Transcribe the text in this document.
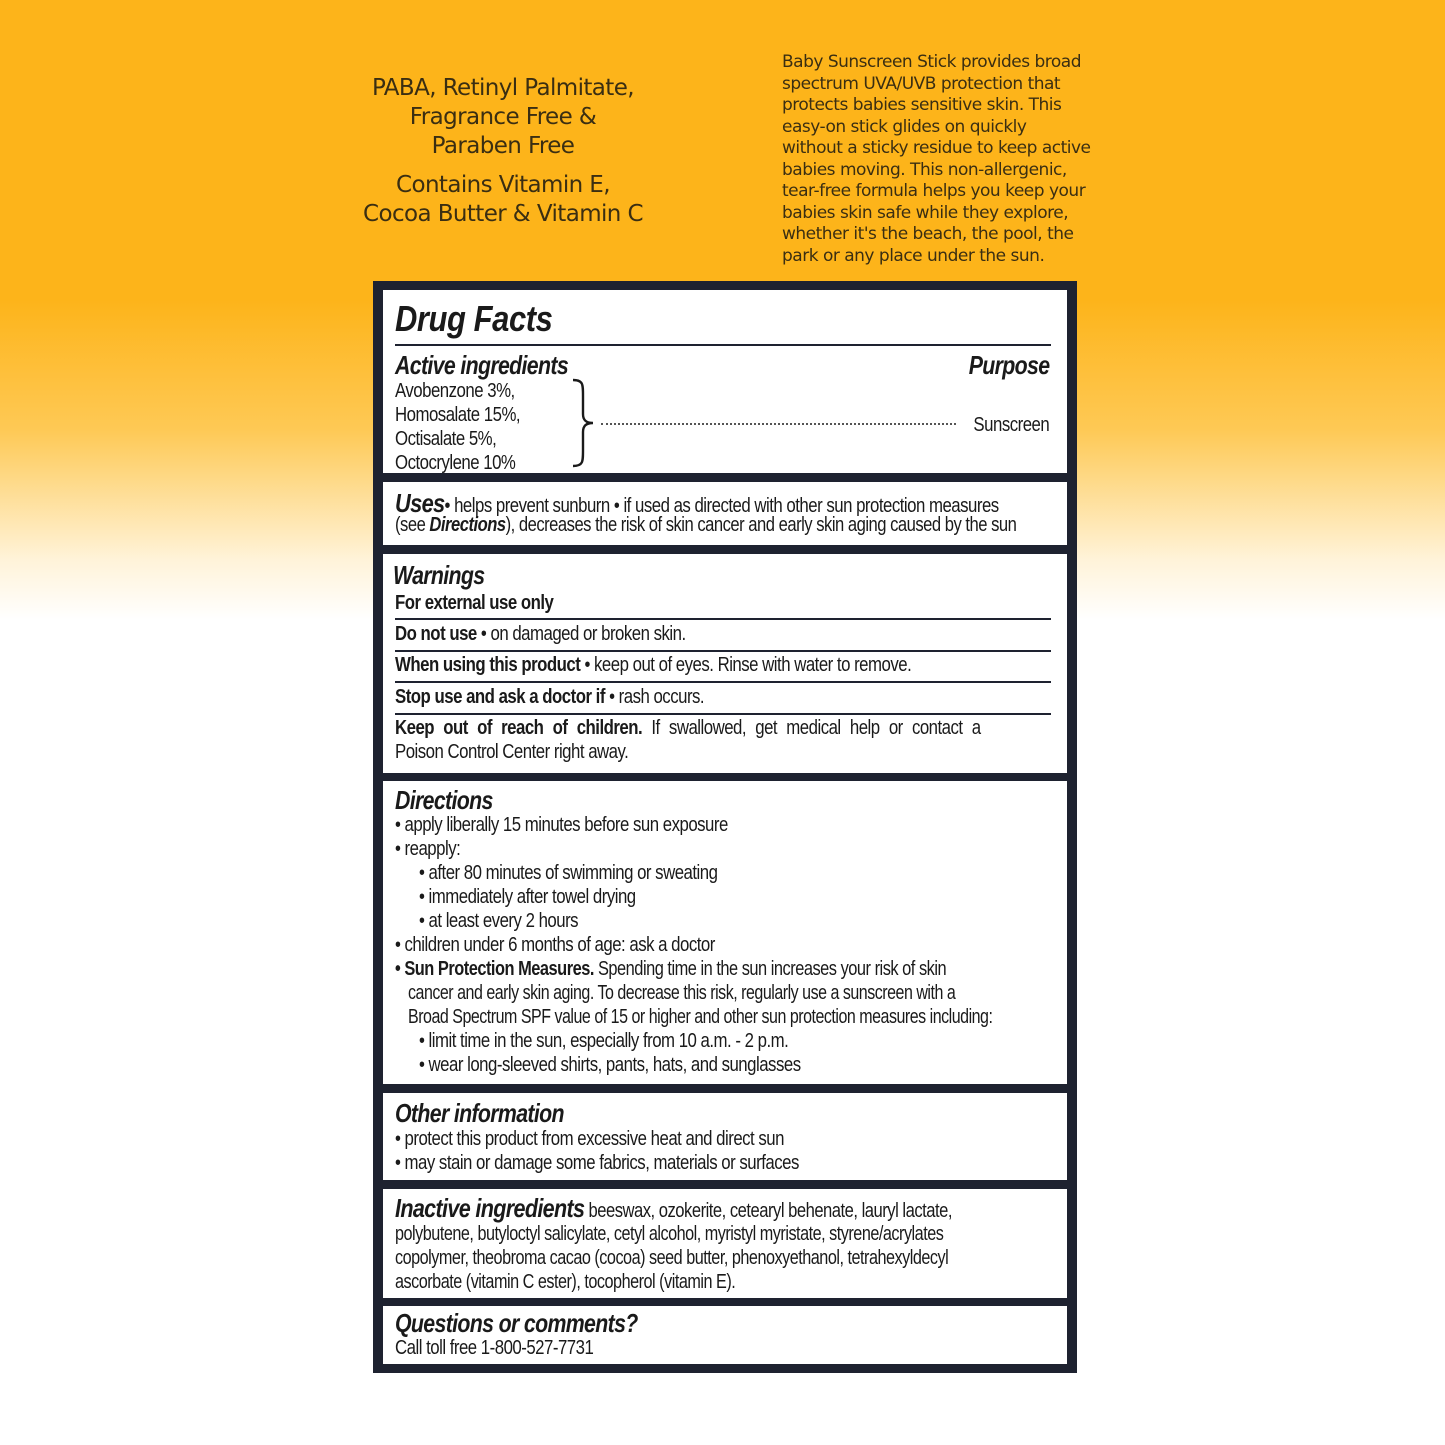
PABA, Retinyl Palmitate,
Fragrance Free &
Paraben Free

Contains Vitamin E,
Cocoa Butter & Vitamin C

Baby Sunscreen Stick provides broad
spectrum UVA/UVB protection that
protects babies sensitive skin. This
easy-on stick glides on quickly
without a sticky residue to keep active
babies moving. This non-allergenic,
tear-free formula helps you keep your
babies skin safe while they explore,
whether it's the beach, the pool, the
park or any place under the sun.

Drug Facts
Active ingredients	Purpose
Avobenzone 3%,
Homosalate 15%,
Octisalate 5%,
Octocrylene 10%
Sunscreen
Uses• helps prevent sunburn • if used as directed with other sun protection measures
(see Directions), decreases the risk of skin cancer and early skin aging caused by the sun
Warnings
For external use only
Do not use • on damaged or broken skin.
When using this product • keep out of eyes. Rinse with water to remove.
Stop use and ask a doctor if • rash occurs.
Keep out of reach of children. If swallowed, get medical help or contact a
Poison Control Center right away.
Directions
• apply liberally 15 minutes before sun exposure
• reapply:
• after 80 minutes of swimming or sweating
• immediately after towel drying
• at least every 2 hours
• children under 6 months of age: ask a doctor
• Sun Protection Measures. Spending time in the sun increases your risk of skin
cancer and early skin aging. To decrease this risk, regularly use a sunscreen with a
Broad Spectrum SPF value of 15 or higher and other sun protection measures including:
• limit time in the sun, especially from 10 a.m. - 2 p.m.
• wear long-sleeved shirts, pants, hats, and sunglasses
Other information
• protect this product from excessive heat and direct sun
• may stain or damage some fabrics, materials or surfaces
Inactive ingredients beeswax, ozokerite, cetearyl behenate, lauryl lactate,
polybutene, butyloctyl salicylate, cetyl alcohol, myristyl myristate, styrene/acrylates
copolymer, theobroma cacao (cocoa) seed butter, phenoxyethanol, tetrahexyldecyl
ascorbate (vitamin C ester), tocopherol (vitamin E).
Questions or comments?
Call toll free 1-800-527-7731
